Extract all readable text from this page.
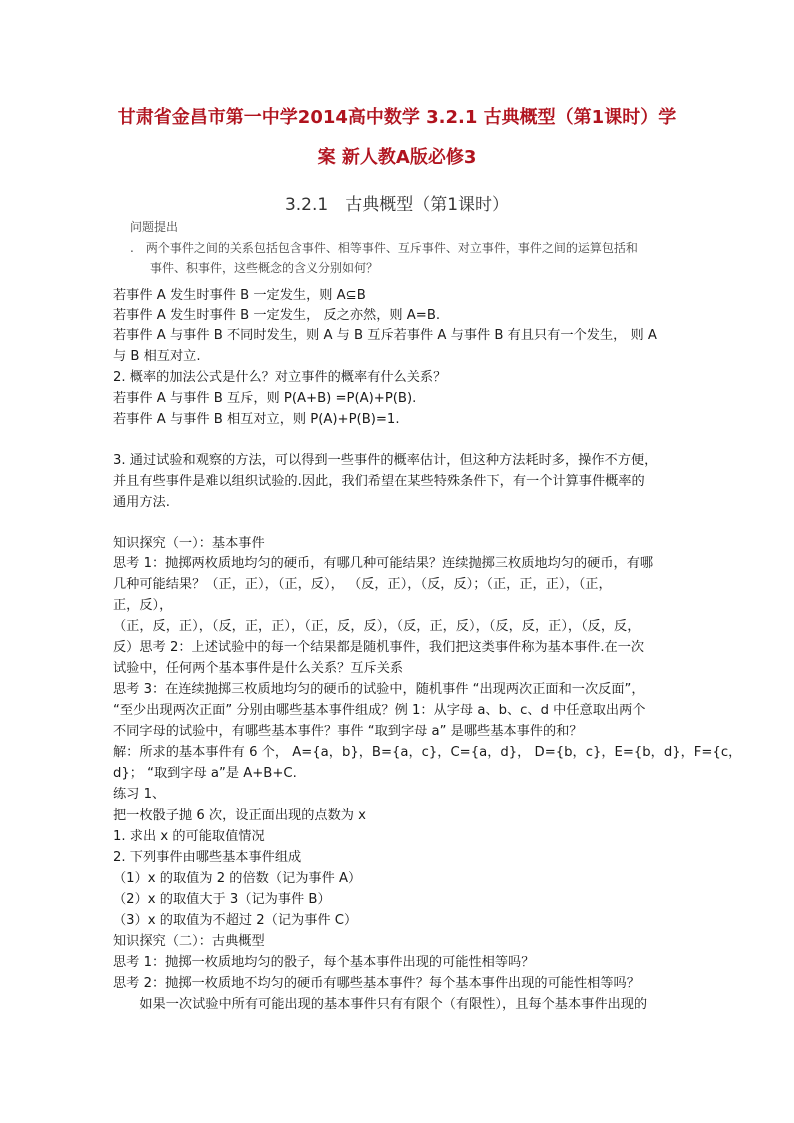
甘肃省金昌市第一中学2014高中数学 3.2.1 古典概型（第1课时）学
案 新人教A版必修3
3.2.1　古典概型（第1课时）
问题提出
.　两个事件之间的关系包括包含事件、相等事件、互斥事件、对立事件，事件之间的运算包括和
事件、积事件，这些概念的含义分别如何？
若事件 A 发生时事件 B 一定发生，则 A⊆B
若事件 A 发生时事件 B 一定发生， 反之亦然，则 A=B.
若事件 A 与事件 B 不同时发生，则 A 与 B 互斥若事件 A 与事件 B 有且只有一个发生， 则 A
与 B 相互对立.
2. 概率的加法公式是什么？对立事件的概率有什么关系？
若事件 A 与事件 B 互斥，则 P(A+B) =P(A)+P(B).
若事件 A 与事件 B 相互对立，则 P(A)+P(B)=1.
3. 通过试验和观察的方法，可以得到一些事件的概率估计，但这种方法耗时多，操作不方便，
并且有些事件是难以组织试验的.因此，我们希望在某些特殊条件下，有一个计算事件概率的
通用方法.
知识探究（一）：基本事件
思考 1：抛掷两枚质地均匀的硬币，有哪几种可能结果？连续抛掷三枚质地均匀的硬币，有哪
几种可能结果？（正，正），（正，反）， （反，正），（反，反）；（正，正，正），（正，
正，反），
（正，反，正），（反，正，正），（正，反，反），（反，正，反），（反，反，正），（反，反，
反）思考 2：上述试验中的每一个结果都是随机事件，我们把这类事件称为基本事件.在一次
试验中，任何两个基本事件是什么关系？互斥关系
思考 3：在连续抛掷三枚质地均匀的硬币的试验中，随机事件 “出现两次正面和一次反面”，
“至少出现两次正面” 分别由哪些基本事件组成？例 1：从字母 a、b、c、d 中任意取出两个
不同字母的试验中，有哪些基本事件？事件 “取到字母 a” 是哪些基本事件的和？
解：所求的基本事件有 6 个， A={a，b}，B={a，c}，C={a，d}， D={b，c}，E={b，d}，F={c，
d}； “取到字母 a”是 A+B+C.
练习 1、
把一枚骰子抛 6 次，设正面出现的点数为 x
1. 求出 x 的可能取值情况
2. 下列事件由哪些基本事件组成
（1）x 的取值为 2 的倍数（记为事件 A）
（2）x 的取值大于 3（记为事件 B）
（3）x 的取值为不超过 2（记为事件 C）
知识探究（二）：古典概型
思考 1：抛掷一枚质地均匀的骰子，每个基本事件出现的可能性相等吗？
思考 2：抛掷一枚质地不均匀的硬币有哪些基本事件？每个基本事件出现的可能性相等吗？
　　如果一次试验中所有可能出现的基本事件只有有限个（有限性），且每个基本事件出现的
